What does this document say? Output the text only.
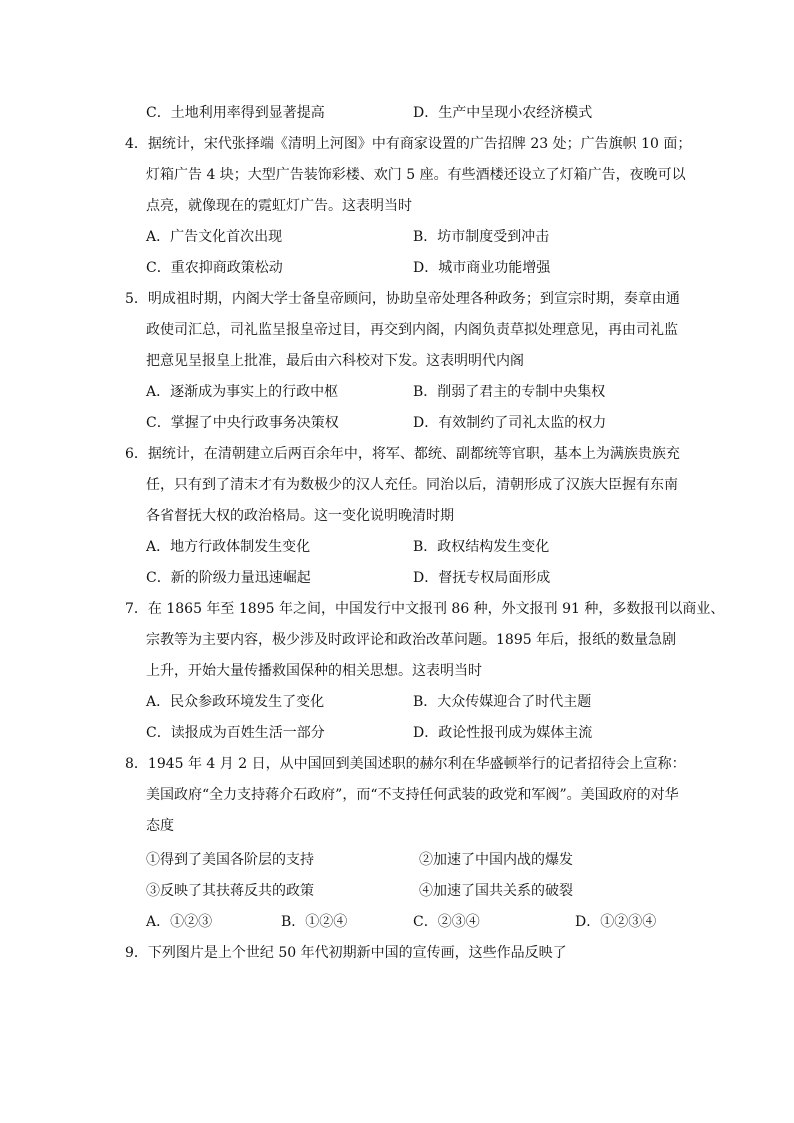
C．土地利用率得到显著提高	D．生产中呈现小农经济模式
4．据统计，宋代张择端《清明上河图》中有商家设置的广告招牌 23 处；广告旗帜 10 面；
灯箱广告 4 块；大型广告装饰彩楼、欢门 5 座。有些酒楼还设立了灯箱广告，夜晚可以
点亮，就像现在的霓虹灯广告。这表明当时
A．广告文化首次出现	B．坊市制度受到冲击
C．重农抑商政策松动	D．城市商业功能增强
5．明成祖时期，内阁大学士备皇帝顾问，协助皇帝处理各种政务；到宣宗时期，奏章由通
政使司汇总，司礼监呈报皇帝过目，再交到内阁，内阁负责草拟处理意见，再由司礼监
把意见呈报皇上批准，最后由六科校对下发。这表明明代内阁
A．逐渐成为事实上的行政中枢	B．削弱了君主的专制中央集权
C．掌握了中央行政事务决策权	D．有效制约了司礼太监的权力
6．据统计，在清朝建立后两百余年中，将军、都统、副都统等官职，基本上为满族贵族充
任，只有到了清末才有为数极少的汉人充任。同治以后，清朝形成了汉族大臣握有东南
各省督抚大权的政治格局。这一变化说明晚清时期
A．地方行政体制发生变化	B．政权结构发生变化
C．新的阶级力量迅速崛起	D．督抚专权局面形成
7．在 1865 年至 1895 年之间，中国发行中文报刊 86 种，外文报刊 91 种，多数报刊以商业、
宗教等为主要内容，极少涉及时政评论和政治改革问题。1895 年后，报纸的数量急剧
上升，开始大量传播救国保种的相关思想。这表明当时
A．民众参政环境发生了变化	B．大众传媒迎合了时代主题
C．读报成为百姓生活一部分	D．政论性报刊成为媒体主流
8．1945 年 4 月 2 日，从中国回到美国述职的赫尔利在华盛顿举行的记者招待会上宣称：
美国政府“全力支持蒋介石政府”，而“不支持任何武装的政党和军阀”。美国政府的对华
态度
①得到了美国各阶层的支持	②加速了中国内战的爆发
③反映了其扶蒋反共的政策	④加速了国共关系的破裂
A．①②③	B．①②④	C．②③④	D．①②③④
9．下列图片是上个世纪 50 年代初期新中国的宣传画，这些作品反映了
